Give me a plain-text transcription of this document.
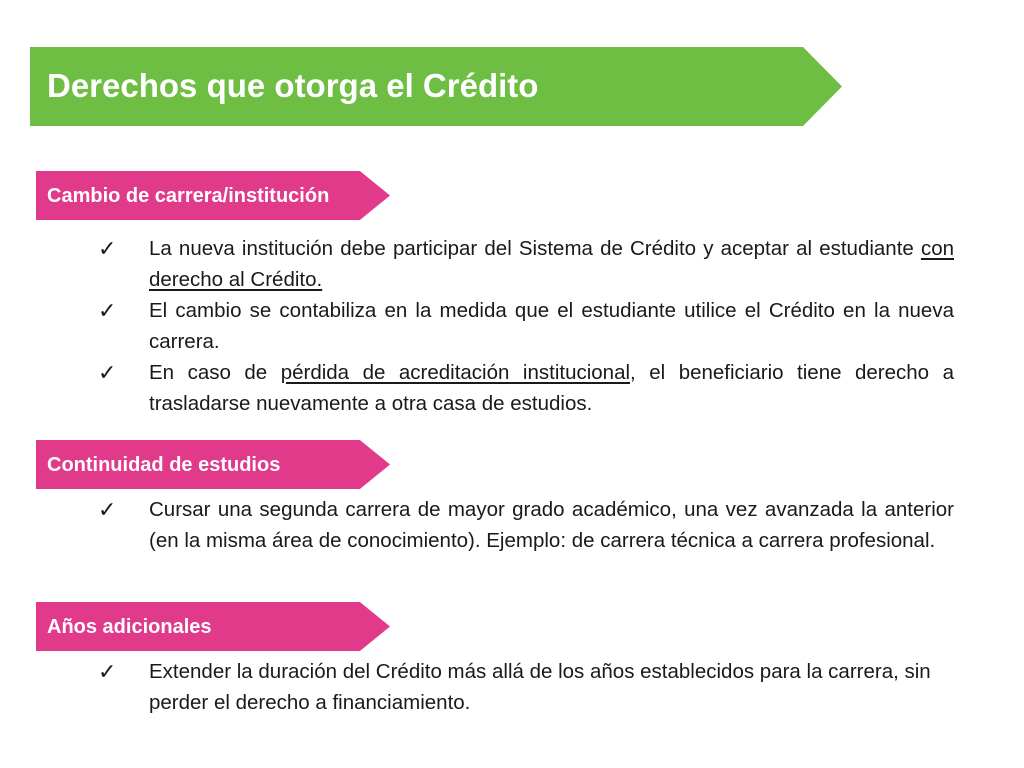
Derechos que otorga el Crédito
Cambio de carrera/institución
✓	La nueva institución debe participar del Sistema de Crédito y aceptar al estudiante con derecho al Crédito.
✓	El cambio se contabiliza en la medida que el estudiante utilice el Crédito en la nueva carrera.
✓	En caso de pérdida de acreditación institucional, el beneficiario tiene derecho a trasladarse nuevamente a otra casa de estudios.
Continuidad de estudios
✓	Cursar una segunda carrera de mayor grado académico, una vez avanzada la anterior (en la misma área de conocimiento). Ejemplo: de carrera técnica a carrera profesional.
Años adicionales
✓	Extender la duración del Crédito más allá de los años establecidos para la carrera, sin perder el derecho a financiamiento.
